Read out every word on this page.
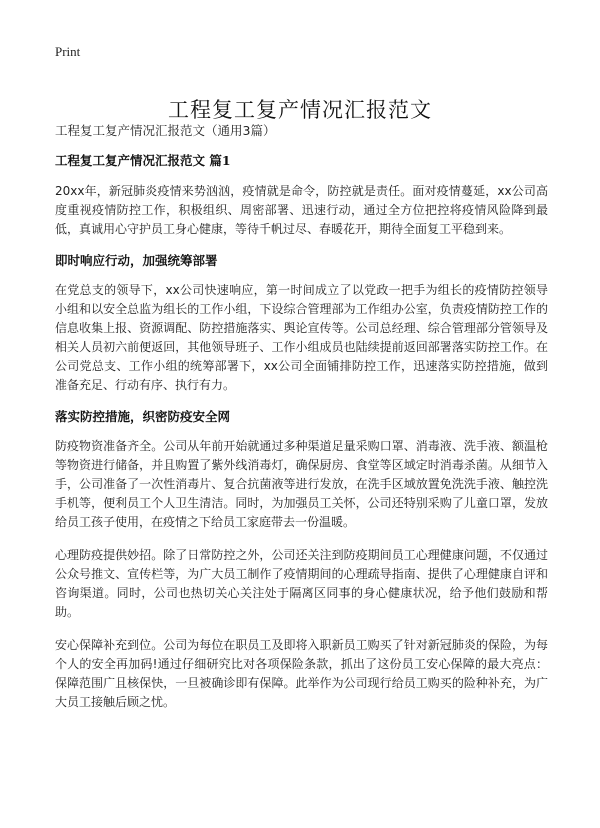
Print
工程复工复产情况汇报范文
工程复工复产情况汇报范文（通用3篇）
工程复工复产情况汇报范文 篇1

20xx年，新冠肺炎疫情来势汹汹，疫情就是命令，防控就是责任。面对疫情蔓延，xx公司高度重视疫情防控工作，积极组织、周密部署、迅速行动，通过全方位把控将疫情风险降到最低，真诚用心守护员工身心健康，等待千帆过尽、春暖花开，期待全面复工平稳到来。

即时响应行动，加强统筹部署

在党总支的领导下，xx公司快速响应，第一时间成立了以党政一把手为组长的疫情防控领导小组和以安全总监为组长的工作小组，下设综合管理部为工作组办公室，负责疫情防控工作的信息收集上报、资源调配、防控措施落实、舆论宣传等。公司总经理、综合管理部分管领导及相关人员初六前便返回，其他领导班子、工作小组成员也陆续提前返回部署落实防控工作。在公司党总支、工作小组的统筹部署下，xx公司全面铺排防控工作，迅速落实防控措施，做到准备充足、行动有序、执行有力。

落实防控措施，织密防疫安全网

防疫物资准备齐全。公司从年前开始就通过多种渠道足量采购口罩、消毒液、洗手液、额温枪等物资进行储备，并且购置了紫外线消毒灯，确保厨房、食堂等区域定时消毒杀菌。从细节入手，公司准备了一次性消毒片、复合抗菌液等进行发放，在洗手区域放置免洗洗手液、触控洗手机等，便利员工个人卫生清洁。同时，为加强员工关怀，公司还特别采购了儿童口罩，发放给员工孩子使用，在疫情之下给员工家庭带去一份温暖。

心理防疫提供妙招。除了日常防控之外，公司还关注到防疫期间员工心理健康问题，不仅通过公众号推文、宣传栏等，为广大员工制作了疫情期间的心理疏导指南、提供了心理健康自评和咨询渠道。同时，公司也热切关心关注处于隔离区同事的身心健康状况，给予他们鼓励和帮助。

安心保障补充到位。公司为每位在职员工及即将入职新员工购买了针对新冠肺炎的保险，为每个人的安全再加码!通过仔细研究比对各项保险条款，抓出了这份员工安心保障的最大亮点：保障范围广且核保快，一旦被确诊即有保障。此举作为公司现行给员工购买的险种补充，为广大员工接触后顾之忧。
